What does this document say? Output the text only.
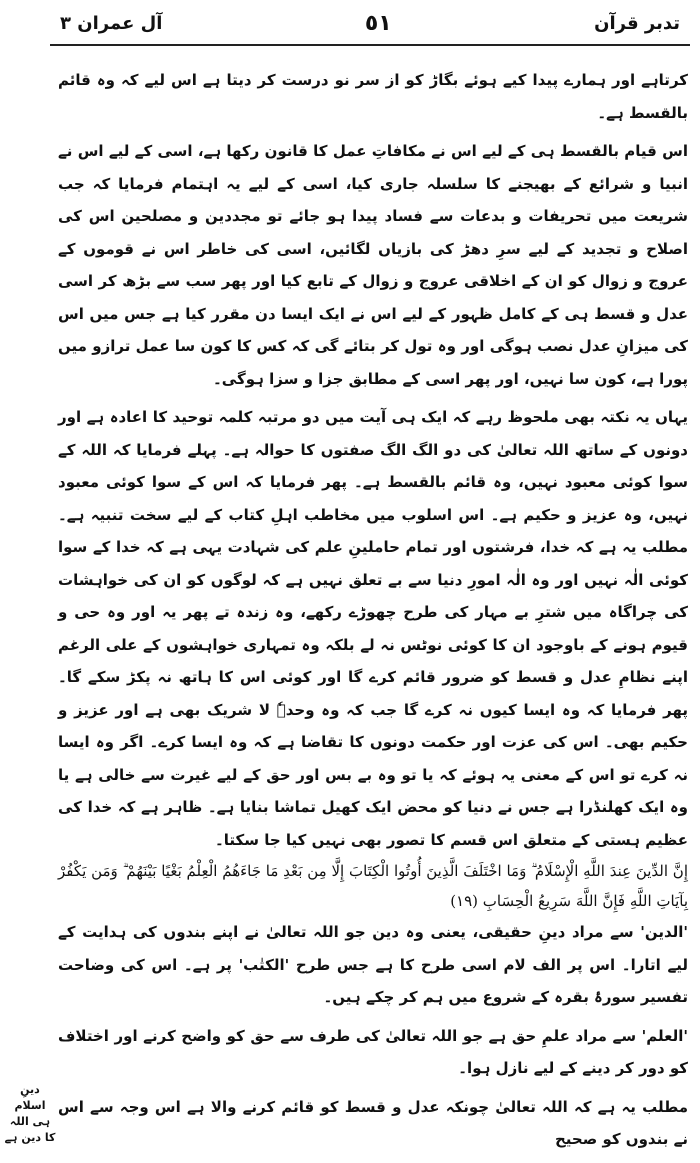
تدبر قرآن
٥١
آل عمران ٣

کرتاہے اور ہمارے پیدا کیے ہوئے بگاڑ کو از سر نو درست کر دیتا ہے اس لیے کہ وہ قائم بالقسط ہے۔

اس قیام بالقسط ہی کے لیے اس نے مکافاتِ عمل کا قانون رکھا ہے، اسی کے لیے اس نے انبیا و شرائع کے بھیجنے کا سلسلہ جاری کیا، اسی کے لیے یہ اہتمام فرمایا کہ جب شریعت میں تحریفات و بدعات سے فساد پیدا ہو جائے تو مجددین و مصلحین اس کی اصلاح و تجدید کے لیے سرِ دھڑ کی بازیاں لگائیں، اسی کی خاطر اس نے قوموں کے عروج و زوال کو ان کے اخلاقی عروج و زوال کے تابع کیا اور پھر سب سے بڑھ کر اسی عدل و قسط ہی کے کامل ظہور کے لیے اس نے ایک ایسا دن مقرر کیا ہے جس میں اس کی میزانِ عدل نصب ہوگی اور وہ تول کر بتائے گی کہ کس کا کون سا عمل ترازو میں پورا ہے، کون سا نہیں، اور پھر اسی کے مطابق جزا و سزا ہوگی۔

یہاں یہ نکتہ بھی ملحوظ رہے کہ ایک ہی آیت میں دو مرتبہ کلمہ توحید کا اعادہ ہے اور دونوں کے ساتھ اللہ تعالیٰ کی دو الگ الگ صفتوں کا حوالہ ہے۔ پہلے فرمایا کہ اللہ کے سوا کوئی معبود نہیں، وہ قائم بالقسط ہے۔ پھر فرمایا کہ اس کے سوا کوئی معبود نہیں، وہ عزیز و حکیم ہے۔ اس اسلوب میں مخاطب اہلِ کتاب کے لیے سخت تنبیہ ہے۔ مطلب یہ ہے کہ خدا، فرشتوں اور تمام حاملینِ علم کی شہادت یہی ہے کہ خدا کے سوا کوئی الٰہ نہیں اور وہ الٰہ امورِ دنیا سے بے تعلق نہیں ہے کہ لوگوں کو ان کی خواہشات کی چراگاہ میں شترِ بے مہار کی طرح چھوڑے رکھے، وہ زندہ تے پھر یہ اور وہ حی و قیوم ہونے کے باوجود ان کا کوئی نوٹس نہ لے بلکہ وہ تمہاری خواہشوں کے علی الرغم اپنے نظامِ عدل و قسط کو ضرور قائم کرے گا اور کوئی اس کا ہاتھ نہ پکڑ سکے گا۔ پھر فرمایا کہ وہ ایسا کیوں نہ کرے گا جب کہ وہ وحدہٗ لا شریک بھی ہے اور عزیز و حکیم بھی۔ اس کی عزت اور حکمت دونوں کا تقاضا ہے کہ وہ ایسا کرے۔ اگر وہ ایسا نہ کرے تو اس کے معنی یہ ہوئے کہ یا تو وہ بے بس اور حق کے لیے غیرت سے خالی ہے یا وہ ایک کھلنڈرا ہے جس نے دنیا کو محض ایک کھیل تماشا بنایا ہے۔ ظاہر ہے کہ خدا کی عظیم ہستی کے متعلق اس قسم کا تصور بھی نہیں کیا جا سکتا۔

إِنَّ الدِّينَ عِندَ اللَّهِ الْإِسْلَامُ ۗ وَمَا اخْتَلَفَ الَّذِينَ أُوتُوا الْكِتَابَ إِلَّا مِن بَعْدِ مَا جَاءَهُمُ الْعِلْمُ بَغْيًا بَيْنَهُمْ ۗ وَمَن يَكْفُرْ بِآيَاتِ اللَّهِ فَإِنَّ اللَّهَ سَرِيعُ الْحِسَابِ (١٩)

'الدین' سے مراد دینِ حقیقی، یعنی وہ دین جو اللہ تعالیٰ نے اپنے بندوں کی ہدایت کے لیے اتارا۔ اس پر الف لام اسی طرح کا ہے جس طرح 'الکتٰب' پر ہے۔ اس کی وضاحت تفسیر سورۂ بقرہ کے شروع میں ہم کر چکے ہیں۔

'العلم' سے مراد علمِ حق ہے جو اللہ تعالیٰ کی طرف سے حق کو واضح کرنے اور اختلاف کو دور کر دینے کے لیے نازل ہوا۔

مطلب یہ ہے کہ اللہ تعالیٰ چونکہ عدل و قسط کو قائم کرنے والا ہے اس وجہ سے اس نے بندوں کو صحیح

دینِ اسلام ہی اللہ کا دین ہے
